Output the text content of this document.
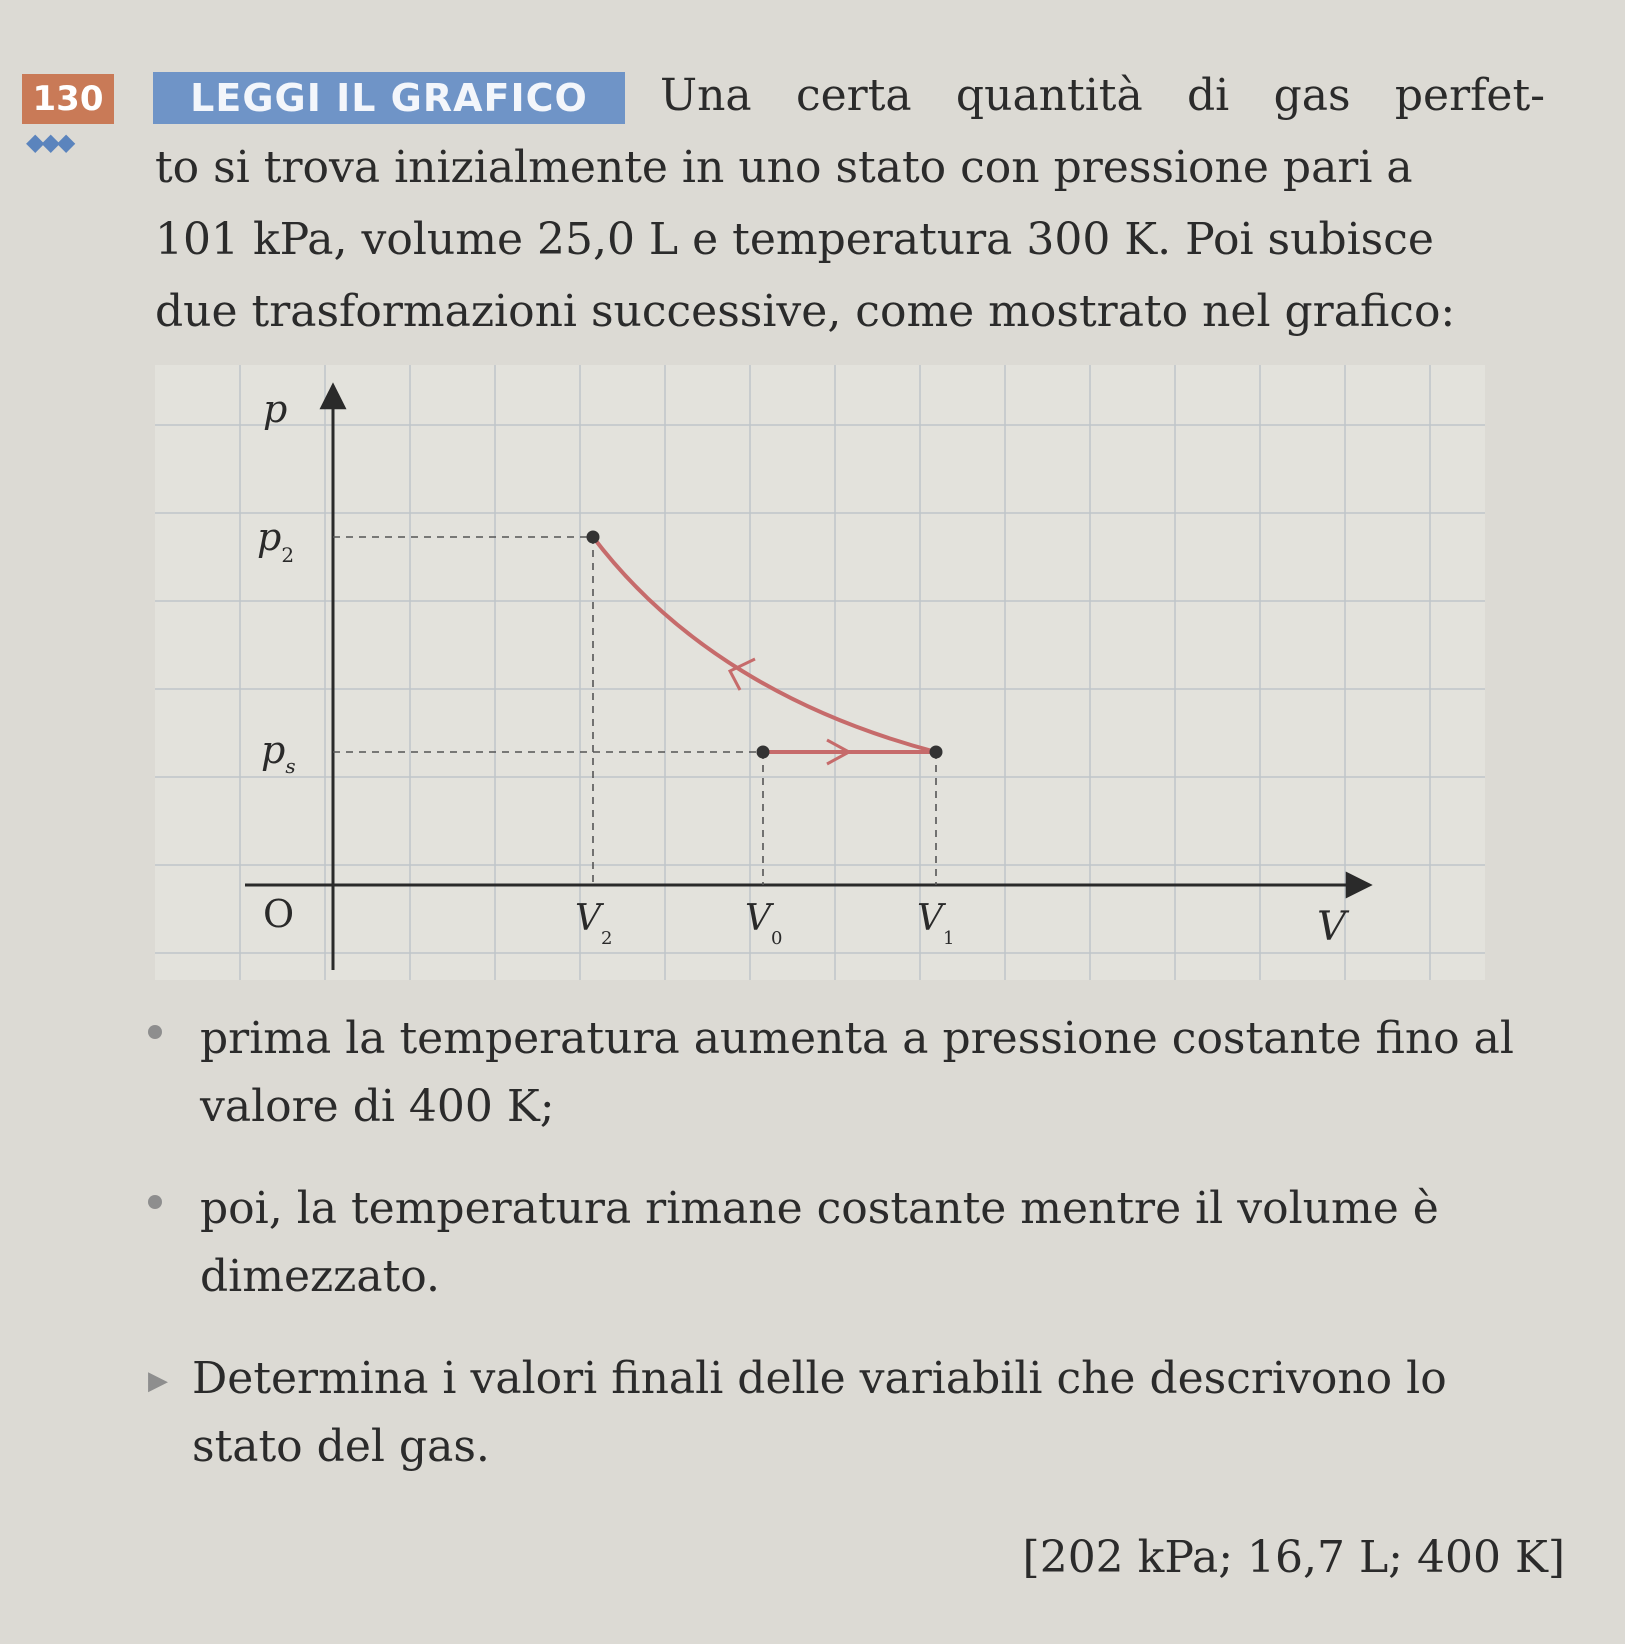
130
◆◆◆
LEGGI IL GRAFICO Una certa quantità di gas perfet-
to si trova inizialmente in uno stato con pressione pari a
101 kPa, volume 25,0 L e temperatura 300 K. Poi subisce
due trasformazioni successive, come mostrato nel grafico:
p
$p_2$
$p_s$
O	$V_2$	$V_0$	$V_1$	V
prima la temperatura aumenta a pressione costante fino al valore di 400 K;
poi, la temperatura rimane costante mentre il volume è dimezzato.
▶ Determina i valori finali delle variabili che descrivono lo stato del gas.
[202 kPa; 16,7 L; 400 K]
